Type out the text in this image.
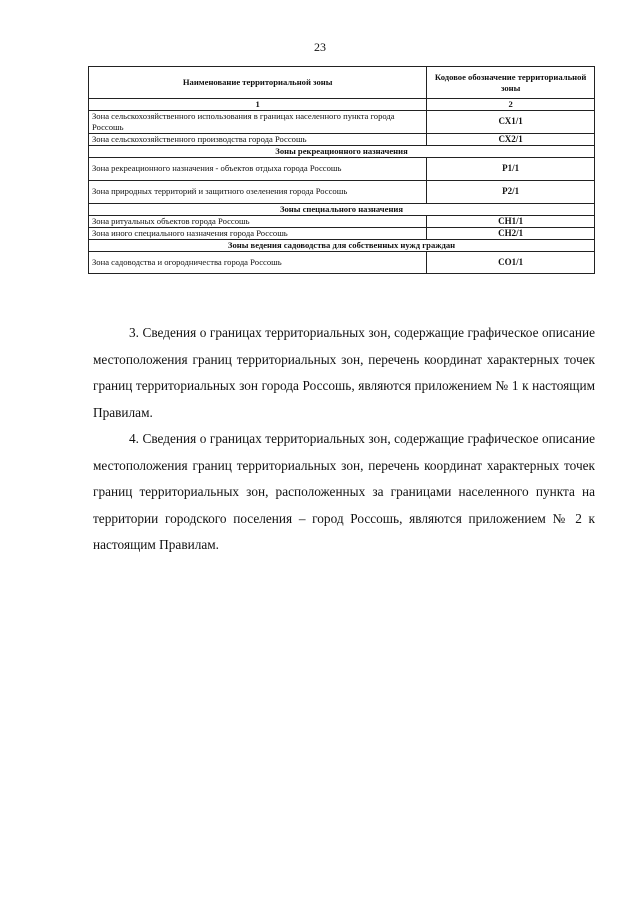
23
Наименование территориальной зоны	Кодовое обозначение территориальной зоны
1	2
Зона сельскохозяйственного использования в границах населенного пункта города Россошь	СХ1/1
Зона сельскохозяйственного производства города Россошь	СХ2/1
Зоны рекреационного назначения	
Зона рекреационного назначения - объектов отдыха города Россошь	Р1/1
Зона природных территорий и защитного озеленения города Россошь	Р2/1
Зоны специального назначения	
Зона ритуальных объектов города Россошь	СН1/1
Зона иного специального назначения города Россошь	СН2/1
Зоны ведения садоводства для собственных нужд граждан	
Зона садоводства и огородничества города Россошь	СО1/1

3. Сведения о границах территориальных зон, содержащие графическое описание местоположения границ территориальных зон, перечень координат характерных точек границ территориальных зон города Россошь, являются приложением № 1 к настоящим Правилам.

4. Сведения о границах территориальных зон, содержащие графическое описание местоположения границ территориальных зон, перечень координат характерных точек границ территориальных зон, расположенных за границами населенного пункта на территории городского поселения – город Россошь, являются приложением № 2 к настоящим Правилам.
